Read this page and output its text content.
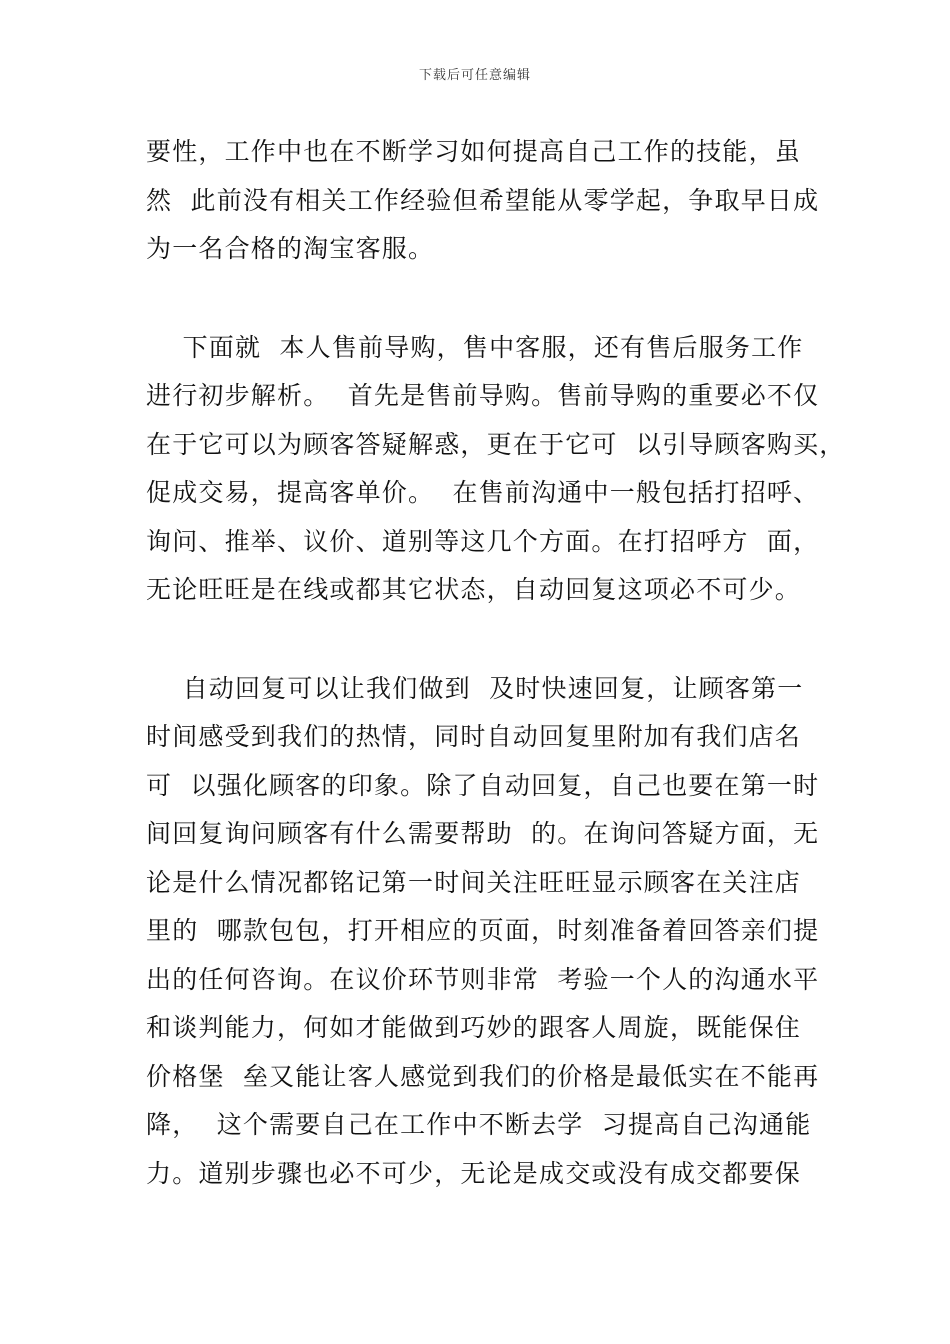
下载后可任意编辑

要性，工作中也在不断学习如何提高自己工作的技能，虽
然  此前没有相关工作经验但希望能从零学起，争取早日成
为一名合格的淘宝客服。

下面就  本人售前导购，售中客服，还有售后服务工作
进行初步解析。  首先是售前导购。售前导购的重要必不仅
在于它可以为顾客答疑解惑，更在于它可  以引导顾客购买，
促成交易，提高客单价。  在售前沟通中一般包括打招呼、
询问、推举、议价、道别等这几个方面。在打招呼方  面，
无论旺旺是在线或都其它状态，自动回复这项必不可少。

自动回复可以让我们做到  及时快速回复，让顾客第一
时间感受到我们的热情，同时自动回复里附加有我们店名
可  以强化顾客的印象。除了自动回复，自己也要在第一时
间回复询问顾客有什么需要帮助  的。在询问答疑方面，无
论是什么情况都铭记第一时间关注旺旺显示顾客在关注店
里的  哪款包包，打开相应的页面，时刻准备着回答亲们提
出的任何咨询。在议价环节则非常  考验一个人的沟通水平
和谈判能力，何如才能做到巧妙的跟客人周旋，既能保住
价格堡  垒又能让客人感觉到我们的价格是最低实在不能再
降，  这个需要自己在工作中不断去学  习提高自己沟通能
力。道别步骤也必不可少，无论是成交或没有成交都要保
